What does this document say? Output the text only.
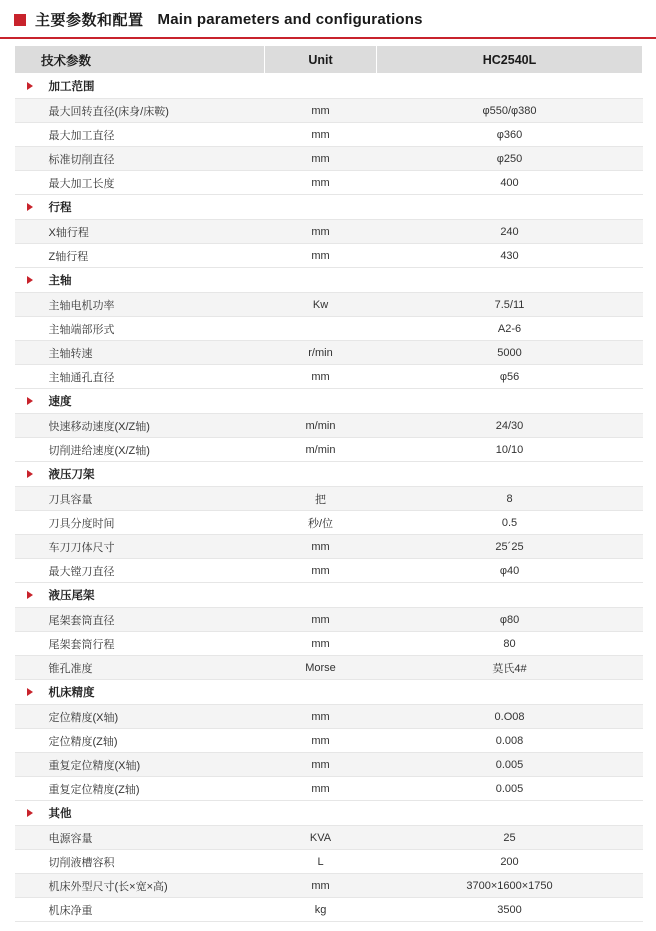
主要参数和配置 Main parameters and configurations
技术参数	Unit	HC2540L
加工范围

最大回转直径(床身/床鞍)	mm	φ550/φ380
最大加工直径	mm	φ360
标准切削直径	mm	φ250
最大加工长度	mm	400
行程

X轴行程	mm	240
Z轴行程	mm	430
主轴

主轴电机功率	Kw	7.5/11
主轴端部形式		A2-6
主轴转速	r/min	5000
主轴通孔直径	mm	φ56
速度

快速移动速度(X/Z轴)	m/min	24/30
切削进给速度(X/Z轴)	m/min	10/10
液压刀架

刀具容量	把	8
刀具分度时间	秒/位	0.5
车刀刀体尺寸	mm	25´25
最大镗刀直径	mm	φ40
液压尾架

尾架套筒直径	mm	φ80
尾架套筒行程	mm	80
锥孔准度	Morse	莫氏4#
机床精度

定位精度(X轴)	mm	0.O08
定位精度(Z轴)	mm	0.008
重复定位精度(X轴)	mm	0.005
重复定位精度(Z轴)	mm	0.005
其他

电源容量	KVA	25
切削液槽容积	L	200
机床外型尺寸(长×宽×高)	mm	3700×1600×1750
机床净重	kg	3500
